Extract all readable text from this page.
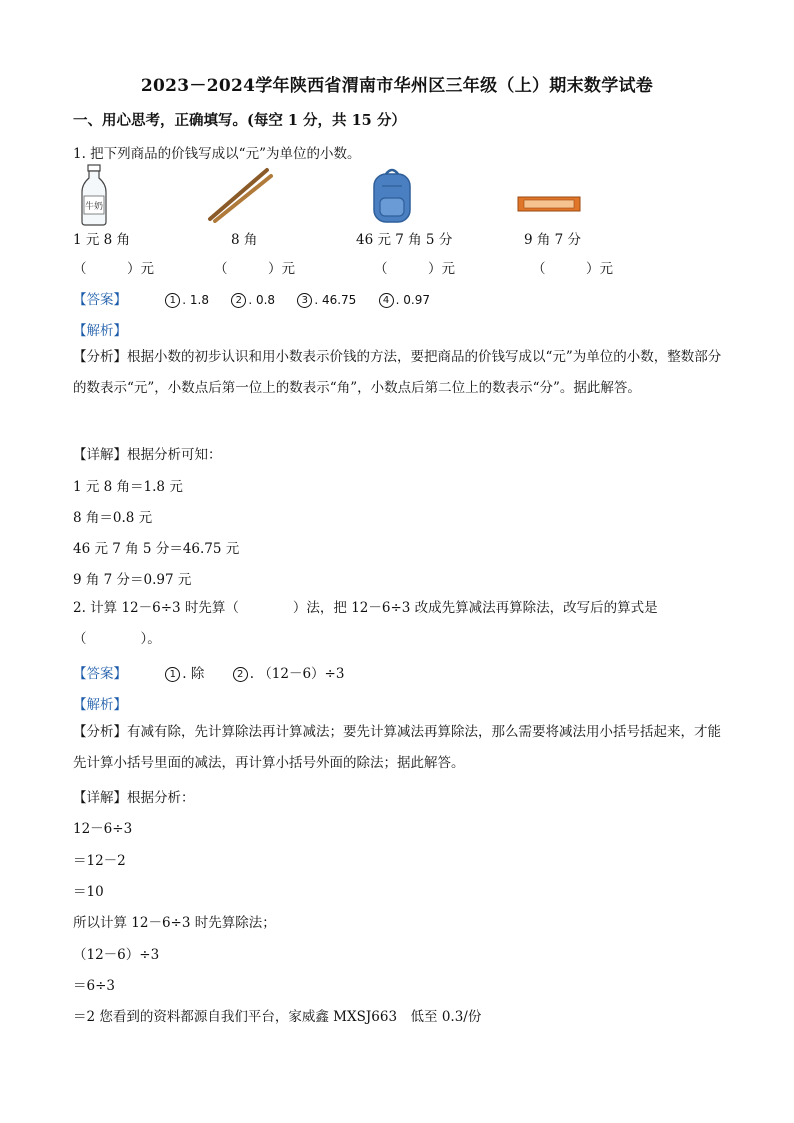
2023－2024学年陕西省渭南市华州区三年级（上）期末数学试卷
一、用心思考，正确填写。(每空 1 分，共 15 分）
1. 把下列商品的价钱写成以“元”为单位的小数。
牛奶
1 元 8 角	8 角	46 元 7 角 5 分	9 角 7 分
（　　　）元	（　　　）元	（　　　）元	（　　　）元
【答案】	1 . 1.8	2 . 0.8	3 . 46.75	4 . 0.97
【解析】
【分析】根据小数的初步认识和用小数表示价钱的方法，要把商品的价钱写成以“元”为单位的小数，整数部分的数表示“元”，小数点后第一位上的数表示“角”，小数点后第二位上的数表示“分”。据此解答。
【详解】根据分析可知：
1 元 8 角＝1.8 元
8 角＝0.8 元
46 元 7 角 5 分＝46.75 元
9 角 7 分＝0.97 元
2. 计算 12－6÷3 时先算（　　　　）法，把 12－6÷3 改成先算减法再算除法，改写后的算式是（　　　　）。
【答案】	1 . 除	2 . （12－6）÷3
【解析】
【分析】有减有除，先计算除法再计算减法；要先计算减法再算除法，那么需要将减法用小括号括起来，才能先计算小括号里面的减法，再计算小括号外面的除法；据此解答。
【详解】根据分析：
12－6÷3
＝12－2
＝10
所以计算 12－6÷3 时先算除法；
（12－6）÷3
＝6÷3
＝2 您看到的资料都源自我们平台，家威鑫 MXSJ663　低至 0.3/份
